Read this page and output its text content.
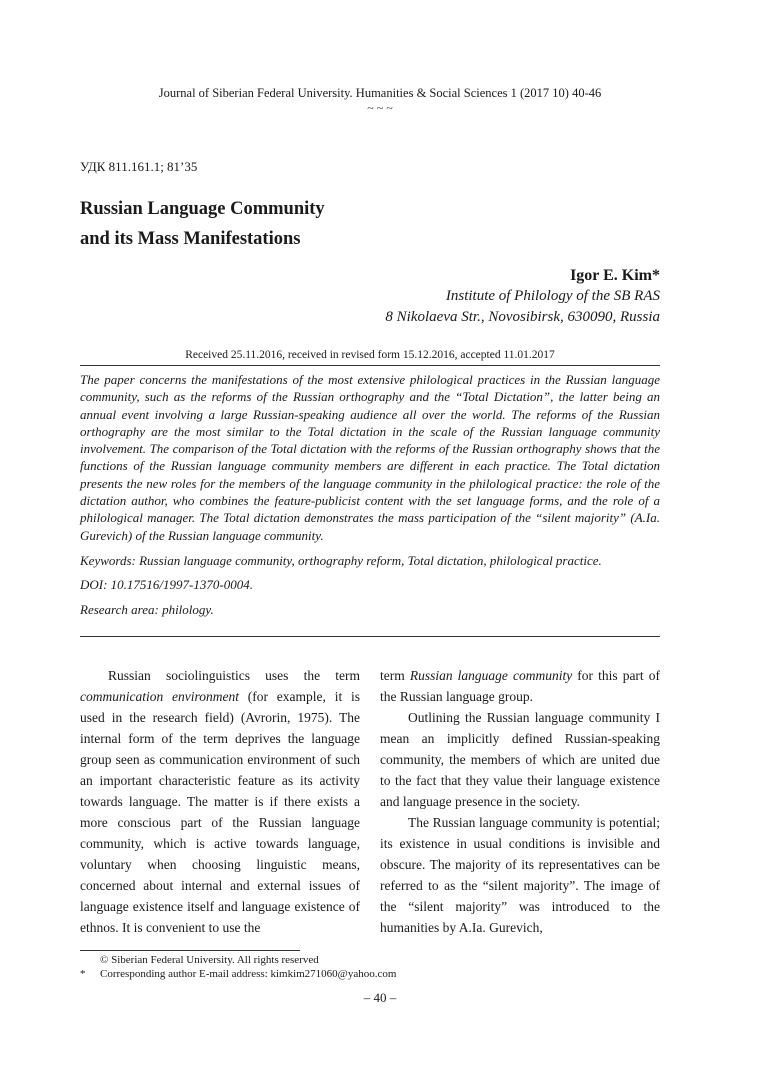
Journal of Siberian Federal University. Humanities & Social Sciences 1 (2017 10) 40-46
~ ~ ~
УДК 811.161.1; 81’35
Russian Language Community
and its Mass Manifestations
Igor E. Kim*
Institute of Philology of the SB RAS
8 Nikolaeva Str., Novosibirsk, 630090, Russia
Received 25.11.2016, received in revised form 15.12.2016, accepted 11.01.2017

The paper concerns the manifestations of the most extensive philological practices in the Russian language community, such as the reforms of the Russian orthography and the “Total Dictation”, the latter being an annual event involving a large Russian-speaking audience all over the world. The reforms of the Russian orthography are the most similar to the Total dictation in the scale of the Russian language community involvement. The comparison of the Total dictation with the reforms of the Russian orthography shows that the functions of the Russian language community members are different in each practice. The Total dictation presents the new roles for the members of the language community in the philological practice: the role of the dictation author, who combines the feature-publicist content with the set language forms, and the role of a philological manager. The Total dictation demonstrates the mass participation of the “silent majority” (A.Ia. Gurevich) of the Russian language community.

Keywords: Russian language community, orthography reform, Total dictation, philological practice.

DOI: 10.17516/1997-1370-0004.

Research area: philology.

Russian sociolinguistics uses the term communication environment (for example, it is used in the research field) (Avrorin, 1975). The internal form of the term deprives the language group seen as communication environment of such an important characteristic feature as its activity towards language. The matter is if there exists a more conscious part of the Russian language community, which is active towards language, voluntary when choosing linguistic means, concerned about internal and external issues of language existence itself and language existence of ethnos. It is convenient to use the

term Russian language community for this part of the Russian language group.

Outlining the Russian language community I mean an implicitly defined Russian-speaking community, the members of which are united due to the fact that they value their language existence and language presence in the society.

The Russian language community is potential; its existence in usual conditions is invisible and obscure. The majority of its representatives can be referred to as the “silent majority”. The image of the “silent majority” was introduced to the humanities by A.Ia. Gurevich,

© Siberian Federal University. All rights reserved
* Corresponding author E-mail address: kimkim271060@yahoo.com
– 40 –
